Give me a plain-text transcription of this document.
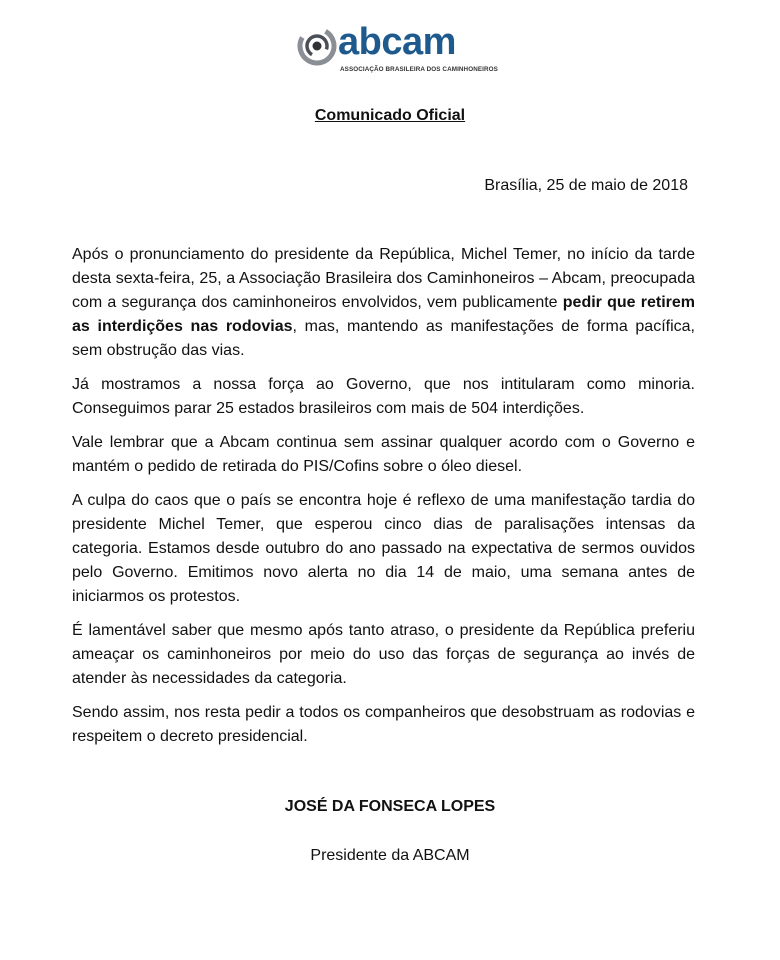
abcam
ASSOCIAÇÃO BRASILEIRA DOS CAMINHONEIROS
Comunicado Oficial
Brasília, 25 de maio de 2018

Após o pronunciamento do presidente da República, Michel Temer, no início da tarde desta sexta-feira, 25, a Associação Brasileira dos Caminhoneiros – Abcam, preocupada com a segurança dos caminhoneiros envolvidos, vem publicamente pedir que retirem as interdições nas rodovias, mas, mantendo as manifestações de forma pacífica, sem obstrução das vias.

Já mostramos a nossa força ao Governo, que nos intitularam como minoria. Conseguimos parar 25 estados brasileiros com mais de 504 interdições.

Vale lembrar que a Abcam continua sem assinar qualquer acordo com o Governo e mantém o pedido de retirada do PIS/Cofins sobre o óleo diesel.

A culpa do caos que o país se encontra hoje é reflexo de uma manifestação tardia do presidente Michel Temer, que esperou cinco dias de paralisações intensas da categoria. Estamos desde outubro do ano passado na expectativa de sermos ouvidos pelo Governo. Emitimos novo alerta no dia 14 de maio, uma semana antes de iniciarmos os protestos.

É lamentável saber que mesmo após tanto atraso, o presidente da República preferiu ameaçar os caminhoneiros por meio do uso das forças de segurança ao invés de atender às necessidades da categoria.

Sendo assim, nos resta pedir a todos os companheiros que desobstruam as rodovias e respeitem o decreto presidencial.

JOSÉ DA FONSECA LOPES
Presidente da ABCAM
